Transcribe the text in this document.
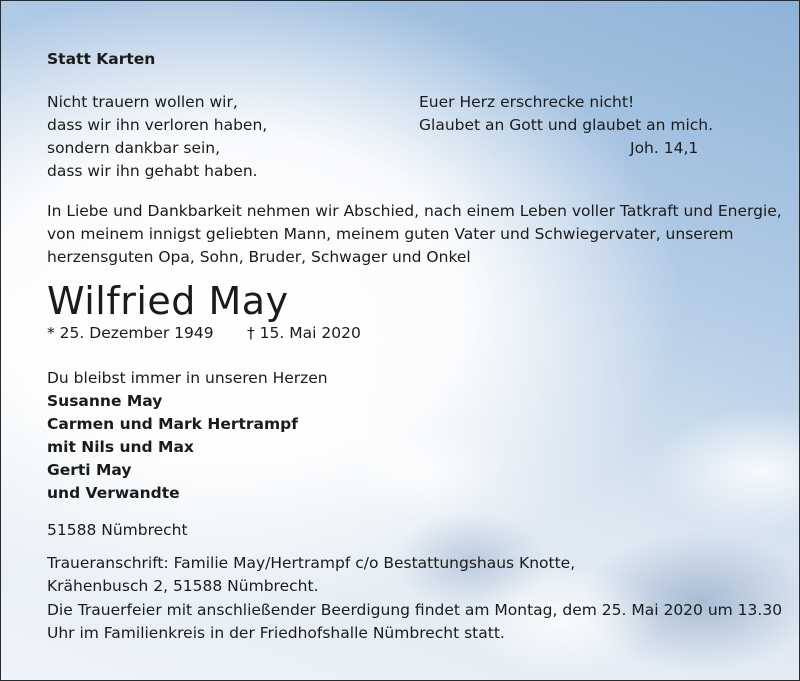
Statt Karten
Nicht trauern wollen wir,
dass wir ihn verloren haben,
sondern dankbar sein,
dass wir ihn gehabt haben.
Euer Herz erschrecke nicht!
Glaubet an Gott und glaubet an mich.
Joh. 14,1
In Liebe und Dankbarkeit nehmen wir Abschied, nach einem Leben voller Tatkraft und Energie,
von meinem innigst geliebten Mann, meinem guten Vater und Schwiegervater, unserem
herzensguten Opa, Sohn, Bruder, Schwager und Onkel
Wilfried May
* 25. Dezember 1949 † 15. Mai 2020
Du bleibst immer in unseren Herzen
Susanne May
Carmen und Mark Hertrampf
mit Nils und Max
Gerti May
und Verwandte
51588 Nümbrecht
Traueranschrift: Familie May/Hertrampf c/o Bestattungshaus Knotte,
Krähenbusch 2, 51588 Nümbrecht.
Die Trauerfeier mit anschließender Beerdigung findet am Montag, dem 25. Mai 2020 um 13.30
Uhr im Familienkreis in der Friedhofshalle Nümbrecht statt.
